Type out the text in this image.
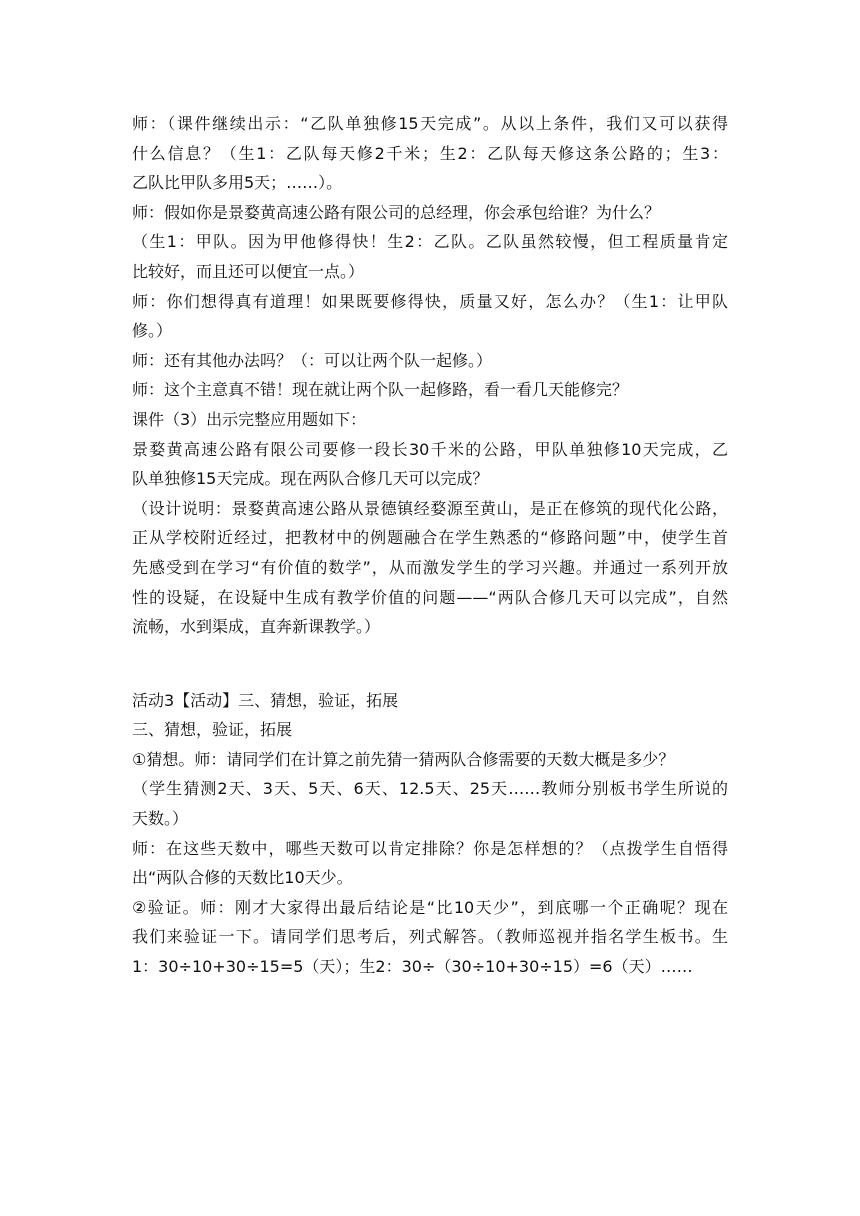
师：（课件继续出示：“乙队单独修15天完成”。从以上条件，我们又可以获得
什么信息？（生1：乙队每天修2千米；生2：乙队每天修这条公路的；生3：
乙队比甲队多用5天；……）。

师：假如你是景婺黄高速公路有限公司的总经理，你会承包给谁？为什么？

（生1：甲队。因为甲他修得快！生2：乙队。乙队虽然较慢，但工程质量肯定
比较好，而且还可以便宜一点。）

师：你们想得真有道理！如果既要修得快，质量又好，怎么办？（生1：让甲队
修。）

师：还有其他办法吗？（：可以让两个队一起修。）

师：这个主意真不错！现在就让两个队一起修路，看一看几天能修完？

课件（3）出示完整应用题如下：

景婺黄高速公路有限公司要修一段长30千米的公路，甲队单独修10天完成，乙
队单独修15天完成。现在两队合修几天可以完成？

（设计说明：景婺黄高速公路从景德镇经婺源至黄山，是正在修筑的现代化公路，
正从学校附近经过，把教材中的例题融合在学生熟悉的“修路问题”中，使学生首
先感受到在学习“有价值的数学”，从而激发学生的学习兴趣。并通过一系列开放
性的设疑，在设疑中生成有教学价值的问题——“两队合修几天可以完成”，自然
流畅，水到渠成，直奔新课教学。）

活动3【活动】三、猜想，验证，拓展

三、猜想，验证，拓展

①猜想。师：请同学们在计算之前先猜一猜两队合修需要的天数大概是多少？

（学生猜测2天、3天、5天、6天、12.5天、25天……教师分别板书学生所说的
天数。）

师：在这些天数中，哪些天数可以肯定排除？你是怎样想的？（点拨学生自悟得
出“两队合修的天数比10天少。

②验证。师：刚才大家得出最后结论是“比10天少”，到底哪一个正确呢？现在
我们来验证一下。请同学们思考后，列式解答。（教师巡视并指名学生板书。生
1：30÷10+30÷15=5（天）；生2：30÷（30÷10+30÷15）=6（天）……
